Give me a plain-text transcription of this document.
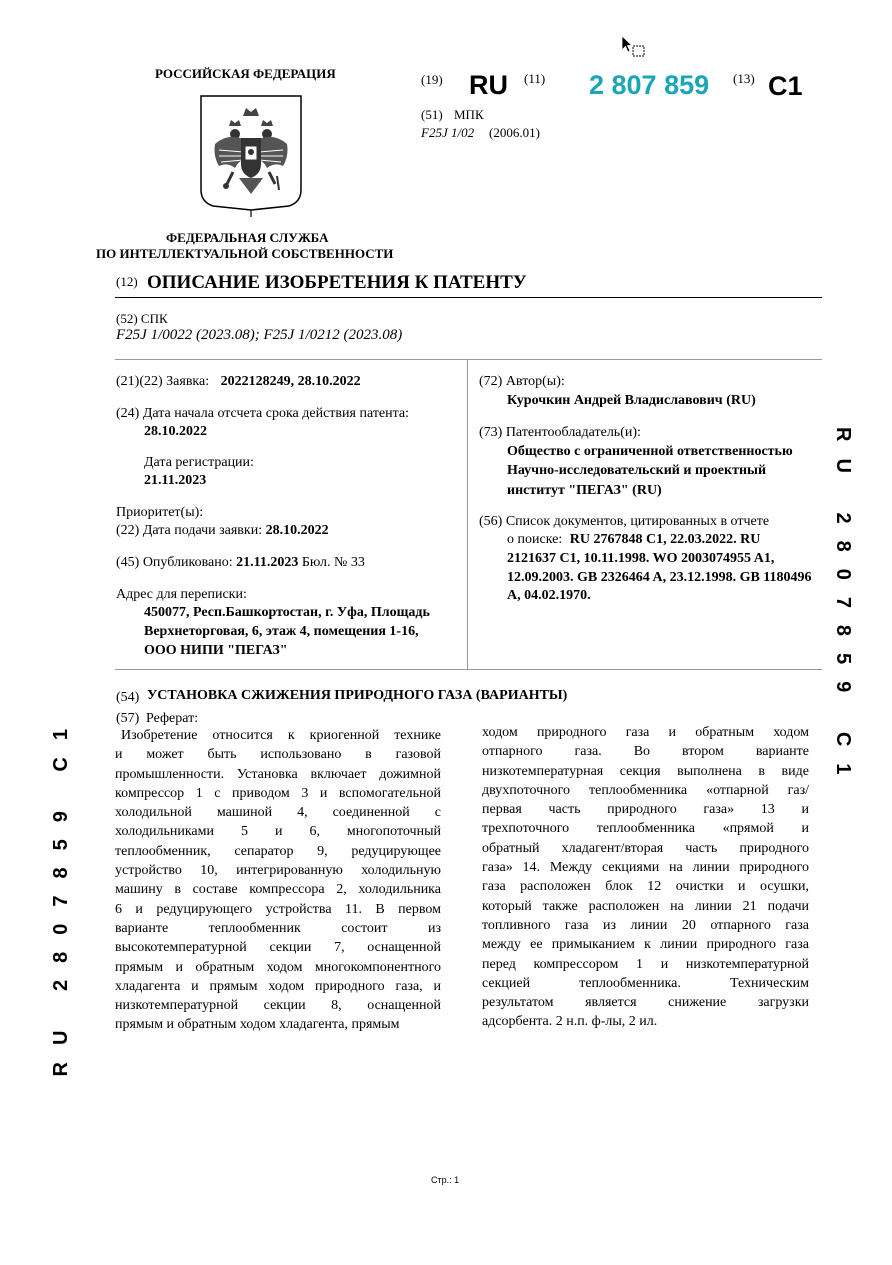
РОССИЙСКАЯ ФЕДЕРАЦИЯ
ФЕДЕРАЛЬНАЯ СЛУЖБА
ПО ИНТЕЛЛЕКТУАЛЬНОЙ СОБСТВЕННОСТИ
(19) RU (11) 2 807 859 (13) C1
(51) МПК
F25J 1/02 (2006.01)
(12) ОПИСАНИЕ ИЗОБРЕТЕНИЯ К ПАТЕНТУ
(52) СПК
F25J 1/0022 (2023.08); F25J 1/0212 (2023.08)
(21)(22) Заявка: 2022128249, 28.10.2022
(24) Дата начала отсчета срока действия патента:
28.10.2022
Дата регистрации:
21.11.2023
Приоритет(ы):
(22) Дата подачи заявки: 28.10.2022
(45) Опубликовано: 21.11.2023 Бюл. № 33
Адрес для переписки:
450077, Респ.Башкортостан, г. Уфа, Площадь
Верхнеторговая, 6, этаж 4, помещения 1-16,
ООО НИПИ "ПЕГАЗ"
(72) Автор(ы):
Курочкин Андрей Владиславович (RU)
(73) Патентообладатель(и):
Общество с ограниченной ответственностью
Научно-исследовательский и проектный
институт "ПЕГАЗ" (RU)
(56) Список документов, цитированных в отчете
о поиске: RU 2767848 C1, 22.03.2022. RU
2121637 C1, 10.11.1998. WO 2003074955 A1,
12.09.2003. GB 2326464 A, 23.12.1998. GB 1180496
A, 04.02.1970.
(54) УСТАНОВКА СЖИЖЕНИЯ ПРИРОДНОГО ГАЗА (ВАРИАНТЫ)
(57) Реферат:
Изобретение относится к криогенной технике
и может быть использовано в газовой
промышленности. Установка включает дожимной
компрессор 1 с приводом 3 и вспомогательной
холодильной машиной 4, соединенной с
холодильниками 5 и 6, многопоточный
теплообменник, сепаратор 9, редуцирующее
устройство 10, интегрированную холодильную
машину в составе компрессора 2, холодильника
6 и редуцирующего устройства 11. В первом
варианте теплообменник состоит из
высокотемпературной секции 7, оснащенной
прямым и обратным ходом многокомпонентного
хладагента и прямым ходом природного газа, и
низкотемпературной секции 8, оснащенной
прямым и обратным ходом хладагента, прямым
ходом природного газа и обратным ходом
отпарного газа. Во втором варианте
низкотемпературная секция выполнена в виде
двухпоточного теплообменника «отпарной газ/
первая часть природного газа» 13 и
трехпоточного теплообменника «прямой и
обратный хладагент/вторая часть природного
газа» 14. Между секциями на линии природного
газа расположен блок 12 очистки и осушки,
который также расположен на линии 21 подачи
топливного газа из линии 20 отпарного газа
между ее примыканием к линии природного газа
перед компрессором 1 и низкотемпературной
секцией теплообменника. Техническим
результатом является снижение загрузки
адсорбента. 2 н.п. ф-лы, 2 ил.
RU 2807859 C1
RU 2807859 C1
Стр.: 1
